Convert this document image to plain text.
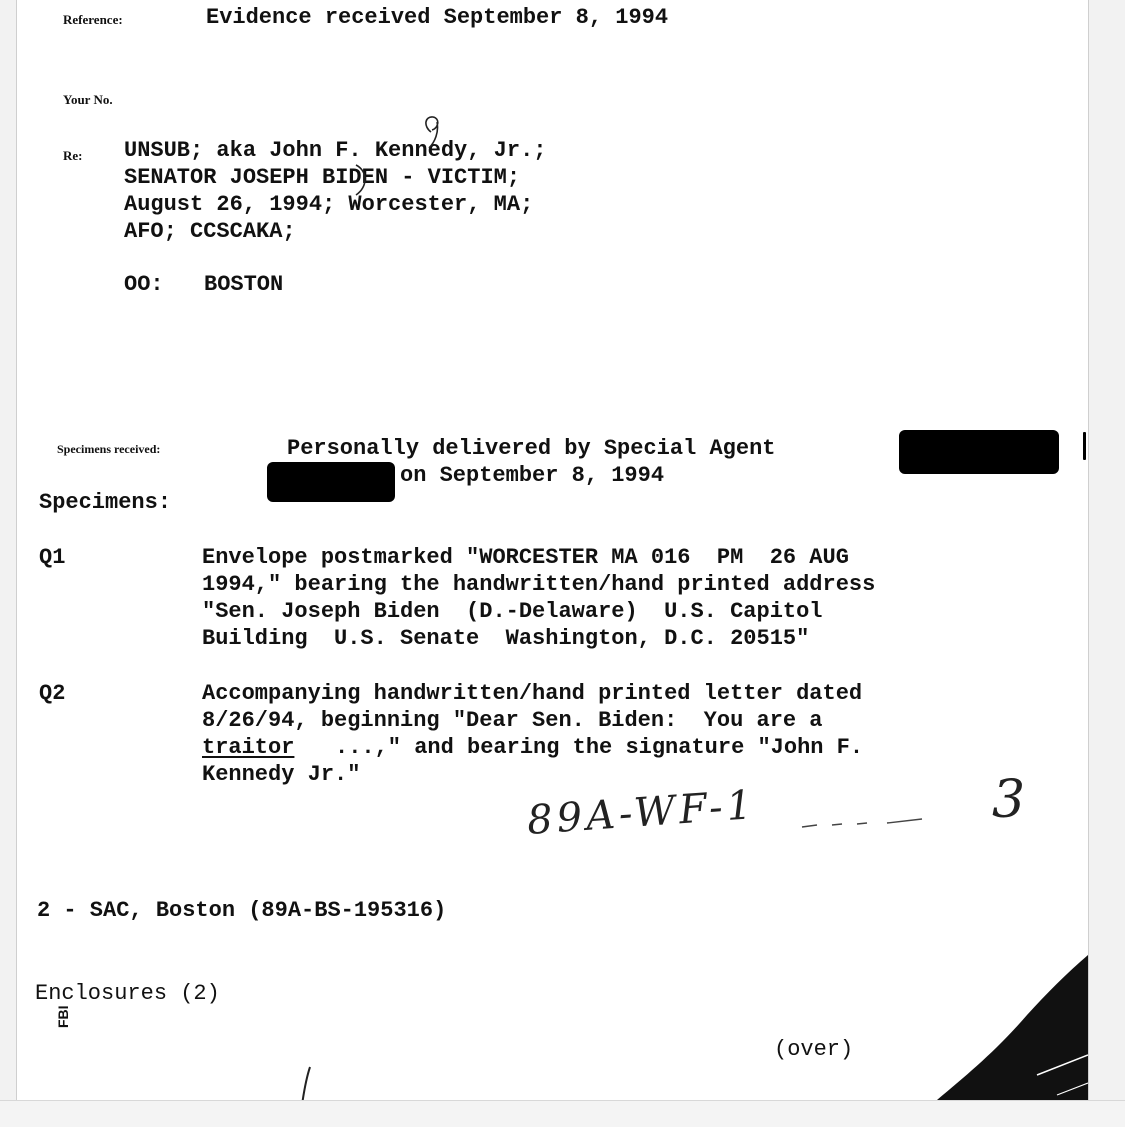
Reference:	Evidence received September 8, 1994
Your No.
Re: UNSUB; aka John F. Kennedy, Jr.;
SENATOR JOSEPH BIDEN - VICTIM;
August 26, 1994; Worcester, MA;
AFO; CCSCAKA;
OO: BOSTON
Specimens received:	Personally delivered by Special Agent
on September 8, 1994
Specimens:
Q1	Envelope postmarked "WORCESTER MA 016  PM  26 AUG
1994," bearing the handwritten/hand printed address
"Sen. Joseph Biden  (D.-Delaware)  U.S. Capitol
Building  U.S. Senate  Washington, D.C. 20515"
Q2	Accompanying handwritten/hand printed letter dated
8/26/94, beginning "Dear Sen. Biden:  You are a
traitor ...," and bearing the signature "John F.
Kennedy Jr."
89A-WF-1	3
2 - SAC, Boston (89A-BS-195316)
Enclosures (2)
FBI
(over)
